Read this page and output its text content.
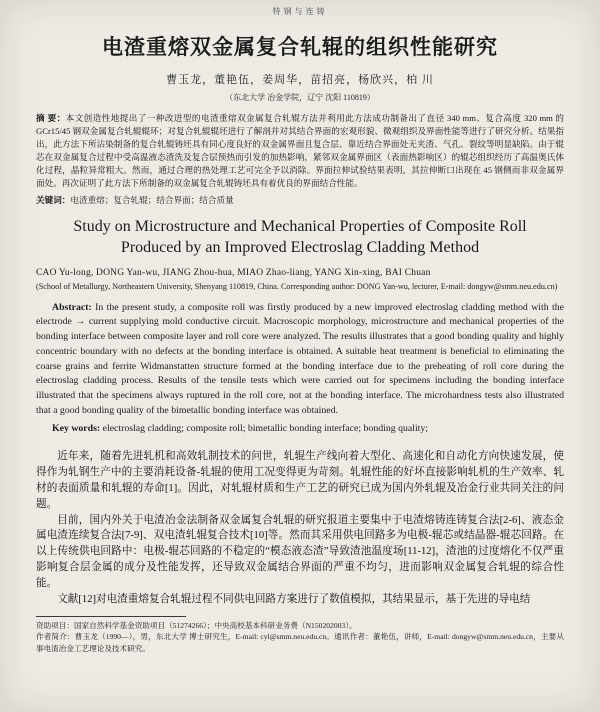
特钢与连铸
电渣重熔双金属复合轧辊的组织性能研究
曹玉龙，董艳伍，姜周华，苗招亮，杨欣兴，柏 川
（东北大学 冶金学院，辽宁 沈阳 110819）

摘 要：本文创造性地提出了一种改进型的电渣重熔双金属复合轧辊方法并利用此方法成功制备出了直径 340 mm、复合高度 320 mm 的 GCr15/45 钢双金属复合轧辊辊环；对复合轧辊辊坯进行了解剖并对其结合界面的宏观形貌、微观组织及界面性能等进行了研究分析。结果指出，此方法下所沾染制备的复合轧辊铸坯具有同心度良好的双金属界面且复合层、靠近结合界面处无夹渣、气孔、裂纹等明显缺陷。由于辊芯在双金属复合过程中受高温液态渣洗及复合层预热而引发的加热影响，紧邻双金属界面区（表面热影响区）的辊芯组织经历了高温奥氏体化过程，晶粒异常粗大。然而，通过合理的热处理工艺可完全予以消除。界面拉伸试验结果表明，其拉伸断口出现在 45 钢侧而非双金属界面处。再次证明了此方法下所制备的双金属复合轧辊铸坯具有着优良的界面结合性能。

关键词：电渣重熔；复合轧辊；结合界面；结合质量

Study on Microstructure and Mechanical Properties of Composite Roll Produced by an Improved Electroslag Cladding Method
CAO Yu-long, DONG Yan-wu, JIANG Zhou-hua, MIAO Zhao-liang, YANG Xin-xing, BAI Chuan
(School of Metallurgy, Northeastern University, Shenyang 110819, China. Corresponding author: DONG Yan-wu, lecturer, E-mail: dongyw@smm.neu.edu.cn)

Abstract: In the present study, a composite roll was firstly produced by a new improved electroslag cladding method with the electrode → current supplying mold conductive circuit. Macroscopic morphology, microstructure and mechanical properties of the bonding interface between composite layer and roll core were analyzed. The results illustrates that a good bonding quality and highly concentric boundary with no defects at the bonding interface is obtained. A suitable heat treatment is beneficial to eliminating the coarse grains and ferrite Widmanstatten structure formed at the bonding interface due to the preheating of roll core during the electroslag cladding process. Results of the tensile tests which were carried out for specimens including the bonding interface illustrated that the specimens always ruptured in the roll core, not at the bonding interface. The microhardness tests also illustrated that a good bonding quality of the bimetallic bonding interface was obtained.

Key words: electroslag cladding; composite roll; bimetallic bonding interface; bonding quality;

近年来，随着先进轧机和高效轧制技术的问世，轧辊生产线向着大型化、高速化和自动化方向快速发展，使得作为轧钢生产中的主要消耗设备-轧辊的使用工况变得更为苛刻。轧辊性能的好坏直接影响轧机的生产效率、轧材的表面质量和轧辊的寿命[1]。因此，对轧辊材质和生产工艺的研究已成为国内外轧辊及冶金行业共同关注的问题。

目前，国内外关于电渣冶金法制备双金属复合轧辊的研究报道主要集中于电渣熔铸连铸复合法[2-6]、液态金属电渣连续复合法[7-9]、双电渣轧辊复合技术[10]等。然而其采用供电回路多为电极-辊芯或结晶器-辊芯回路。在以上传统供电回路中：电极-辊芯回路的不稳定的“模态液态渣”导致渣池温度场[11-12]，渣池的过度熔化不仅严重影响复合层金属的成分及性能发挥，还导致双金属结合界面的严重不均匀，进而影响双金属复合轧辊的综合性能。

文献[12]对电渣重熔复合轧辊过程不同供电回路方案进行了数值模拟，其结果显示，基于先进的导电结

资助项目：国家自然科学基金资助项目（51274266）；中央高校基本科研业务费（N150202003）。

作者简介：曹玉龙（1990—），男，东北大学 博士研究生，E-mail: cyl@smm.neu.edu.cn。通讯作者：董艳伍，讲师，E-mail: dongyw@smm.neu.edu.cn，主要从事电渣冶金工艺理论及技术研究。
